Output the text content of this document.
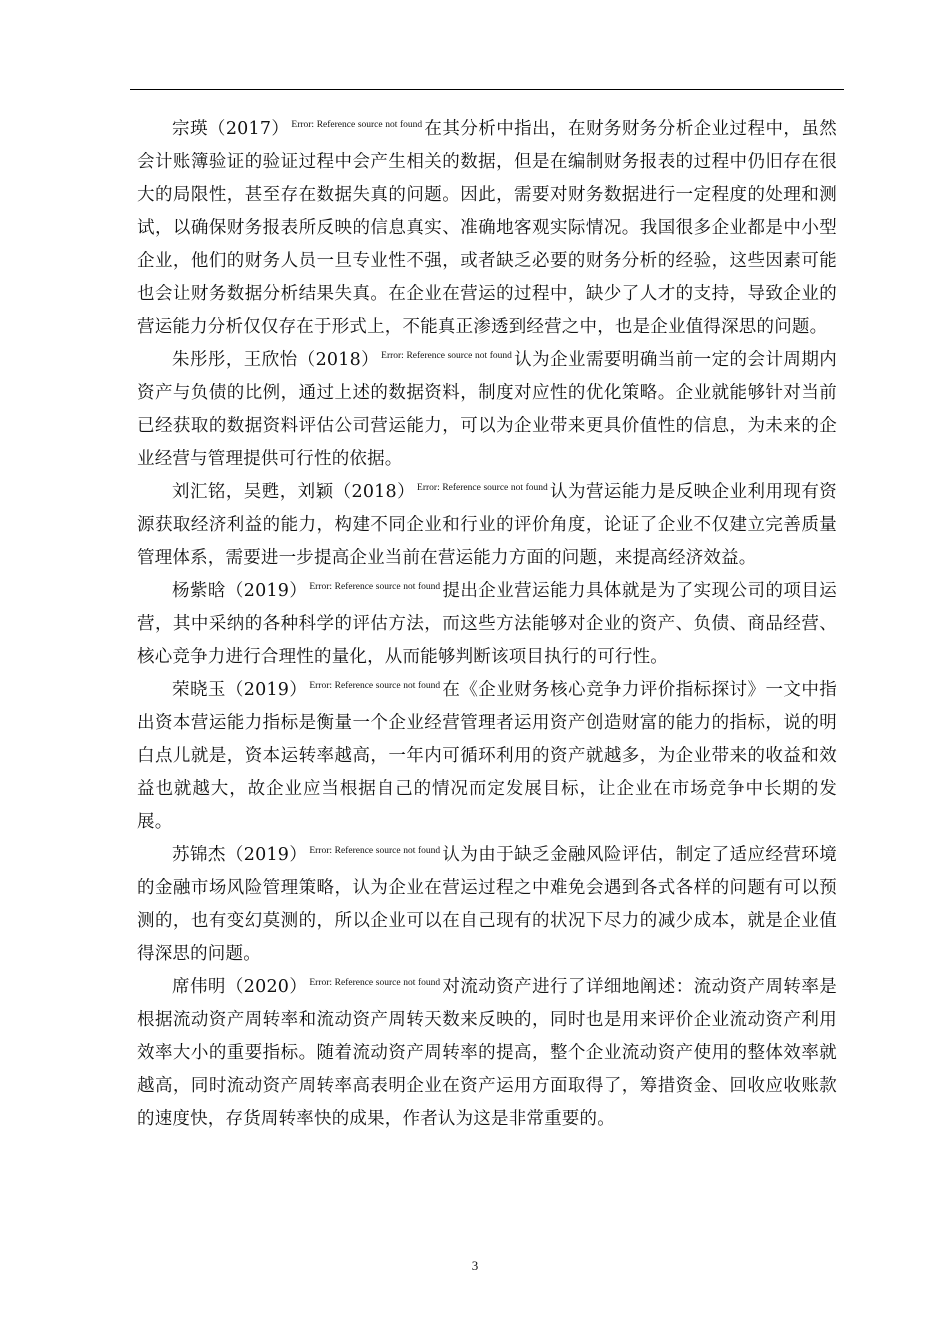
宗瑛（2017） $^{Error: Reference source not found}$ 在其分析中指出，在财务财务分析企业过程中，虽然会计账簿验证的验证过程中会产生相关的数据，但是在编制财务报表的过程中仍旧存在很大的局限性，甚至存在数据失真的问题。因此，需要对财务数据进行一定程度的处理和测试，以确保财务报表所反映的信息真实、准确地客观实际情况。我国很多企业都是中小型企业，他们的财务人员一旦专业性不强，或者缺乏必要的财务分析的经验，这些因素可能也会让财务数据分析结果失真。在企业在营运的过程中，缺少了人才的支持，导致企业的营运能力分析仅仅存在于形式上，不能真正渗透到经营之中，也是企业值得深思的问题。

朱彤彤，王欣怡（2018） $^{Error: Reference source not found}$ 认为企业需要明确当前一定的会计周期内资产与负债的比例，通过上述的数据资料，制度对应性的优化策略。企业就能够针对当前已经获取的数据资料评估公司营运能力，可以为企业带来更具价值性的信息，为未来的企业经营与管理提供可行性的依据。

刘汇铭，吴甦，刘颖（2018） $^{Error: Reference source not found}$ 认为营运能力是反映企业利用现有资源获取经济利益的能力，构建不同企业和行业的评价角度，论证了企业不仅建立完善质量管理体系，需要进一步提高企业当前在营运能力方面的问题，来提高经济效益。

杨紫晗（2019） $^{Error: Reference source not found}$ 提出企业营运能力具体就是为了实现公司的项目运营，其中采纳的各种科学的评估方法，而这些方法能够对企业的资产、负债、商品经营、核心竞争力进行合理性的量化，从而能够判断该项目执行的可行性。

荣晓玉（2019） $^{Error: Reference source not found}$ 在《企业财务核心竞争力评价指标探讨》一文中指出资本营运能力指标是衡量一个企业经营管理者运用资产创造财富的能力的指标，说的明白点儿就是，资本运转率越高，一年内可循环利用的资产就越多，为企业带来的收益和效益也就越大，故企业应当根据自己的情况而定发展目标，让企业在市场竞争中长期的发展。

苏锦杰（2019） $^{Error: Reference source not found}$ 认为由于缺乏金融风险评估，制定了适应经营环境的金融市场风险管理策略，认为企业在营运过程之中难免会遇到各式各样的问题有可以预测的，也有变幻莫测的，所以企业可以在自己现有的状况下尽力的减少成本，就是企业值得深思的问题。

席伟明（2020） $^{Error: Reference source not found}$ 对流动资产进行了详细地阐述：流动资产周转率是根据流动资产周转率和流动资产周转天数来反映的，同时也是用来评价企业流动资产利用效率大小的重要指标。随着流动资产周转率的提高，整个企业流动资产使用的整体效率就越高，同时流动资产周转率高表明企业在资产运用方面取得了，筹措资金、回收应收账款的速度快，存货周转率快的成果，作者认为这是非常重要的。

3
